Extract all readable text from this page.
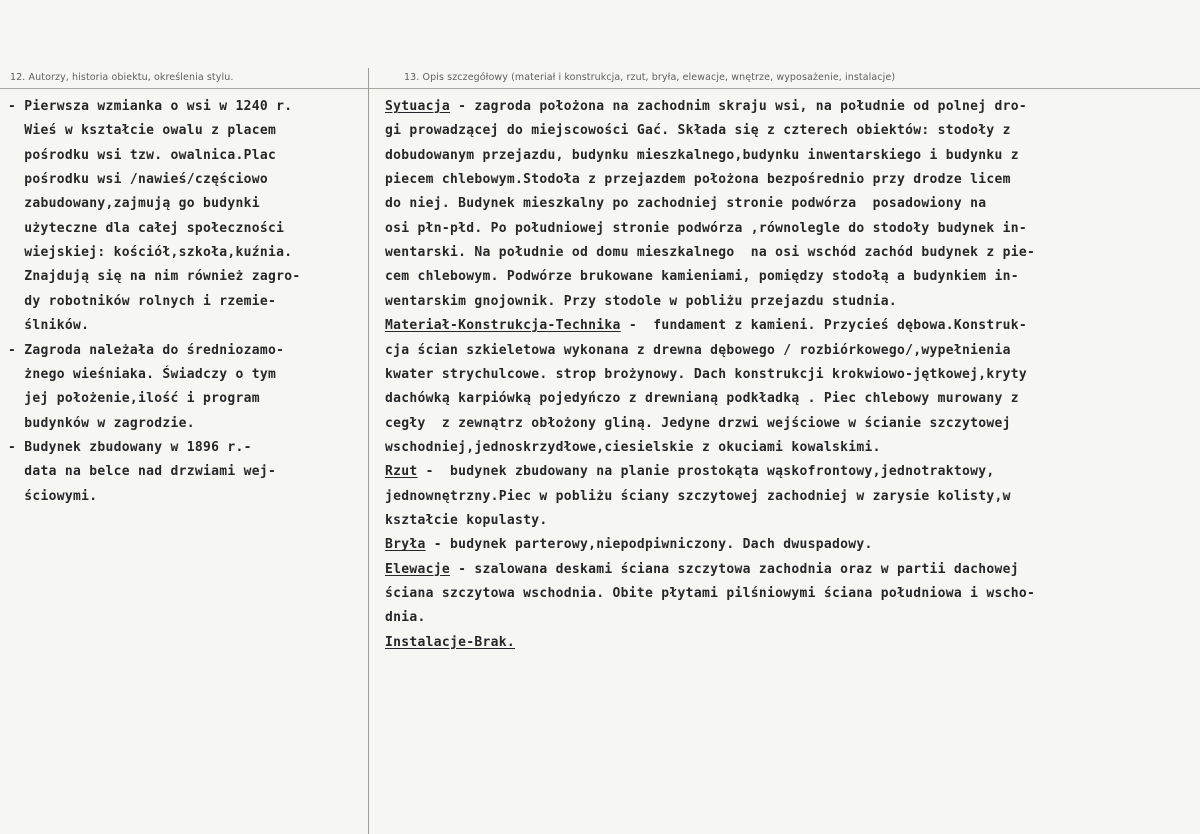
12. Autorzy, historia obiektu, określenia stylu.	13. Opis szczegółowy (materiał i konstrukcja, rzut, bryła, elewacje, wnętrze, wyposażenie, instalacje)
- Pierwsza wzmianka o wsi w 1240 r.
Wieś w kształcie owalu z placem
pośrodku wsi tzw. owalnica.Plac
pośrodku wsi /nawieś/częściowo
zabudowany,zajmują go budynki
użyteczne dla całej społeczności
wiejskiej: kościół,szkoła,kuźnia.
Znajdują się na nim również zagro-
dy robotników rolnych i rzemie-
ślników.
- Zagroda należała do średniozamo-
żnego wieśniaka. Świadczy o tym
jej położenie,ilość i program
budynków w zagrodzie.
- Budynek zbudowany w 1896 r.-
data na belce nad drzwiami wej-
ściowymi.
Sytuacja - zagroda położona na zachodnim skraju wsi, na południe od polnej dro-
gi prowadzącej do miejscowości Gać. Składa się z czterech obiektów: stodoły z
dobudowanym przejazdu, budynku mieszkalnego,budynku inwentarskiego i budynku z
piecem chlebowym.Stodoła z przejazdem położona bezpośrednio przy drodze licem
do niej. Budynek mieszkalny po zachodniej stronie podwórza  posadowiony na
osi płn-płd. Po południowej stronie podwórza ,równolegle do stodoły budynek in-
wentarski. Na południe od domu mieszkalnego  na osi wschód zachód budynek z pie-
cem chlebowym. Podwórze brukowane kamieniami, pomiędzy stodołą a budynkiem in-
wentarskim gnojownik. Przy stodole w pobliżu przejazdu studnia.
Materiał-Konstrukcja-Technika -  fundament z kamieni. Przycieś dębowa.Konstruk-
cja ścian szkieletowa wykonana z drewna dębowego / rozbiórkowego/,wypełnienia
kwater strychulcowe. strop brożynowy. Dach konstrukcji krokwiowo-jętkowej,kryty
dachówką karpiówką pojedyńczo z drewnianą podkładką . Piec chlebowy murowany z
cegły  z zewnątrz obłożony gliną. Jedyne drzwi wejściowe w ścianie szczytowej
wschodniej,jednoskrzydłowe,ciesielskie z okuciami kowalskimi.
Rzut -  budynek zbudowany na planie prostokąta wąskofrontowy,jednotraktowy,
jednownętrzny.Piec w pobliżu ściany szczytowej zachodniej w zarysie kolisty,w
kształcie kopulasty.
Bryła - budynek parterowy,niepodpiwniczony. Dach dwuspadowy.
Elewacje - szalowana deskami ściana szczytowa zachodnia oraz w partii dachowej
ściana szczytowa wschodnia. Obite płytami pilśniowymi ściana południowa i wscho-
dnia.
Instalacje-Brak.
